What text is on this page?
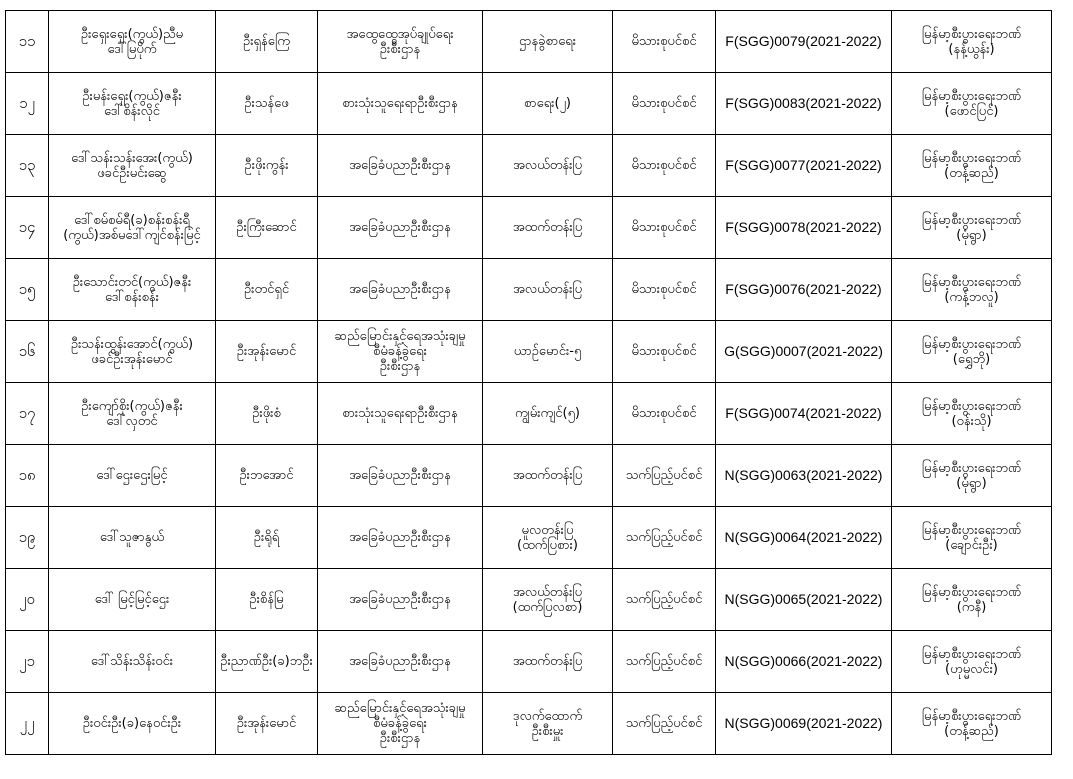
၁၁	ဦးရှေးရှေး(ကွယ်)ညီမ
ဒေါ်မြပိုက်	ဦးရှန်ကြေ	အထွေထွေအုပ်ချုပ်ရေး
ဦးစီးဌာန	ဌာနခွဲစာရေး	မိသားစုပင်စင်	F(SGG)0079(2021-2022)	မြန်မာ့စီးပွားရေးဘဏ်
(နန့်ယွန်း)
၁၂	ဦးမန်းရှေး(ကွယ်)ဇနီး
ဒေါ်စိန်းလိုင်	ဦးသန်ဖေ	စားသုံးသူရေးရာဦးစီးဌာန	စာရေး(၂)	မိသားစုပင်စင်	F(SGG)0083(2021-2022)	မြန်မာ့စီးပွားရေးဘဏ်
(ဖောင်ပြင်)
၁၃	ဒေါ်သန်းသန်းအေး(ကွယ်)
ဖခင်ဦးမင်းဆွေ	ဦးဖိုးကွန်း	အခြေခံပညာဦးစီးဌာန	အလယ်တန်းပြ	မိသားစုပင်စင်	F(SGG)0077(2021-2022)	မြန်မာ့စီးပွားရေးဘဏ်
(တန့်ဆည်)
၁၄	ဒေါ်စမ်စမ်ရီ(ခ)စန်းစန်းရီ
(ကွယ်)အစ်မဒေါ်ကျင်စန်းမြင့်	ဦးကြီးဆောင်	အခြေခံပညာဦးစီးဌာန	အထက်တန်းပြ	မိသားစုပင်စင်	F(SGG)0078(2021-2022)	မြန်မာ့စီးပွားရေးဘဏ်
(မုံရွာ)
၁၅	ဦးသောင်းတင်(ကွယ်)ဇနီး
ဒေါ်စန်းစန်း	ဦးတင်ရှင်	အခြေခံပညာဦးစီးဌာန	အလယ်တန်းပြ	မိသားစုပင်စင်	F(SGG)0076(2021-2022)	မြန်မာ့စီးပွားရေးဘဏ်
(ကန့်ဘလူ)
၁၆	ဦးသန်းထွန်းအောင်(ကွယ်)
ဖခင်ဦးအုန်းမောင်	ဦးအုန်းမောင်	ဆည်မြောင်းနှင့်ရေအသုံးချမှု
စီမံခန့်ခွဲရေး
ဦးစီးဌာန	ယာဉ်မောင်း-၅	မိသားစုပင်စင်	G(SGG)0007(2021-2022)	မြန်မာ့စီးပွားရေးဘဏ်
(ရွှေဘို)
၁၇	ဦးကျော်စိုး(ကွယ်)ဇနီး
ဒေါ်လှတင်	ဦးဖိုးစံ	စားသုံးသူရေးရာဦးစီးဌာန	ကျွမ်းကျင်(၅)	မိသားစုပင်စင်	F(SGG)0074(2021-2022)	မြန်မာ့စီးပွားရေးဘဏ်
(ဝန်းသို)
၁၈	ဒေါ်ဌေးဌေးမြင့်	ဦးဘအောင်	အခြေခံပညာဦးစီးဌာန	အထက်တန်းပြ	သက်ပြည့်ပင်စင်	N(SGG)0063(2021-2022)	မြန်မာ့စီးပွားရေးဘဏ်
(မုံရွာ)
၁၉	ဒေါ်သူဇာနွယ်	ဦးရိုရ်	အခြေခံပညာဦးစီးဌာန	မူလတန်းပြ
(ထက်ပြစား)	သက်ပြည့်ပင်စင်	N(SGG)0064(2021-2022)	မြန်မာ့စီးပွားရေးဘဏ်
(ချောင်းဦး)
၂၀	ဒေါ် မြင့်မြင့်ဌေး	ဦးစိန်မြ	အခြေခံပညာဦးစီးဌာန	အလယ်တန်းပြ
(ထက်ပြလစာ)	သက်ပြည့်ပင်စင်	N(SGG)0065(2021-2022)	မြန်မာ့စီးပွားရေးဘဏ်
(ကနီ)
၂၁	ဒေါ်သိန်းသိန်းဝင်း	ဦးညာဏ်ဦး(ခ)ဘဦး	အခြေခံပညာဦးစီးဌာန	အထက်တန်းပြ	သက်ပြည့်ပင်စင်	N(SGG)0066(2021-2022)	မြန်မာ့စီးပွားရေးဘဏ်
(ဟုမ္မလင်း)
၂၂	ဦးဝင်းဦး(ခ)နေဝင်းဦး	ဦးအုန်းမောင်	ဆည်မြောင်းနှင့်ရေအသုံးချမှု
စီမံခန့်ခွဲရေး
ဦးစီးဌာန	ဒုလက်ထောက်
ဦးစီးမှူး	သက်ပြည့်ပင်စင်	N(SGG)0069(2021-2022)	မြန်မာ့စီးပွားရေးဘဏ်
(တန့်ဆည်)
